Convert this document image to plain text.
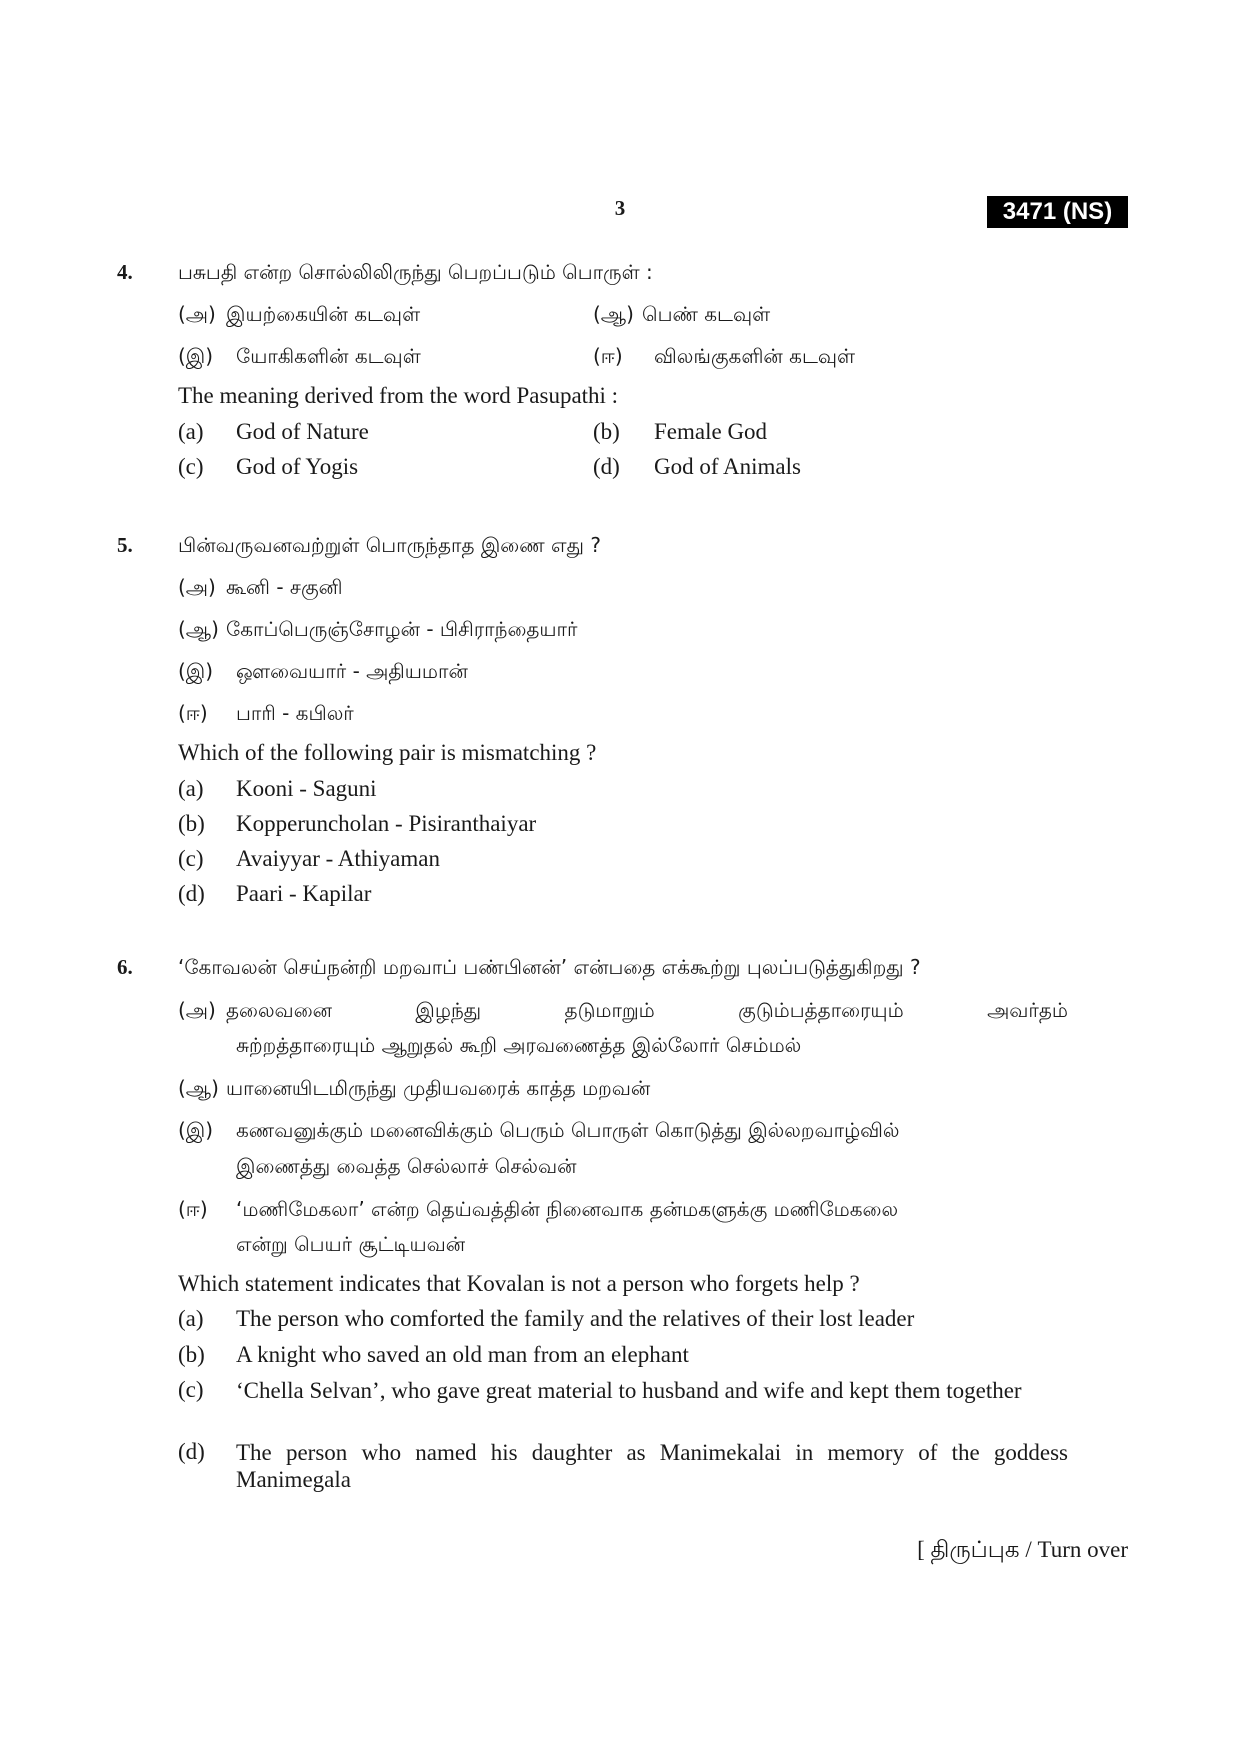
3	3471 (NS)
4. பசுபதி என்ற சொல்லிலிருந்து பெறப்படும் பொருள் :
(அ) இயற்கையின் கடவுள்	(ஆ) பெண் கடவுள்
(இ) யோகிகளின் கடவுள்	(ஈ) விலங்குகளின் கடவுள்
The meaning derived from the word Pasupathi :
(a) God of Nature	(b) Female God
(c) God of Yogis	(d) God of Animals
5. பின்வருவனவற்றுள் பொருந்தாத இணை எது ?
(அ) கூனி - சகுனி
(ஆ) கோப்பெருஞ்சோழன் - பிசிராந்தையார்
(இ) ஔவையார் - அதியமான்
(ஈ) பாரி - கபிலர்
Which of the following pair is mismatching ?
(a) Kooni - Saguni
(b) Kopperuncholan - Pisiranthaiyar
(c) Avaiyyar - Athiyaman
(d) Paari - Kapilar
6. ‘கோவலன் செய்நன்றி மறவாப் பண்பினன்’ என்பதை எக்கூற்று புலப்படுத்துகிறது ?
(அ) தலைவனை இழந்து தடுமாறும் குடும்பத்தாரையும் அவர்தம்
சுற்றத்தாரையும் ஆறுதல் கூறி அரவணைத்த இல்லோர் செம்மல்
(ஆ) யானையிடமிருந்து முதியவரைக் காத்த மறவன்
(இ) கணவனுக்கும் மனைவிக்கும் பெரும் பொருள் கொடுத்து இல்லறவாழ்வில்
இணைத்து வைத்த செல்லாச் செல்வன்
(ஈ) ‘மணிமேகலா’ என்ற தெய்வத்தின் நினைவாக தன்மகளுக்கு மணிமேகலை
என்று பெயர் சூட்டியவன்
Which statement indicates that Kovalan is not a person who forgets help ?
(a) The person who comforted the family and the relatives of their lost leader
(b) A knight who saved an old man from an elephant
(c) ‘Chella Selvan’, who gave great material to husband and wife and kept them together
(d) The person who named his daughter as Manimekalai in memory of the goddess Manimegala
[ திருப்புக / Turn over
